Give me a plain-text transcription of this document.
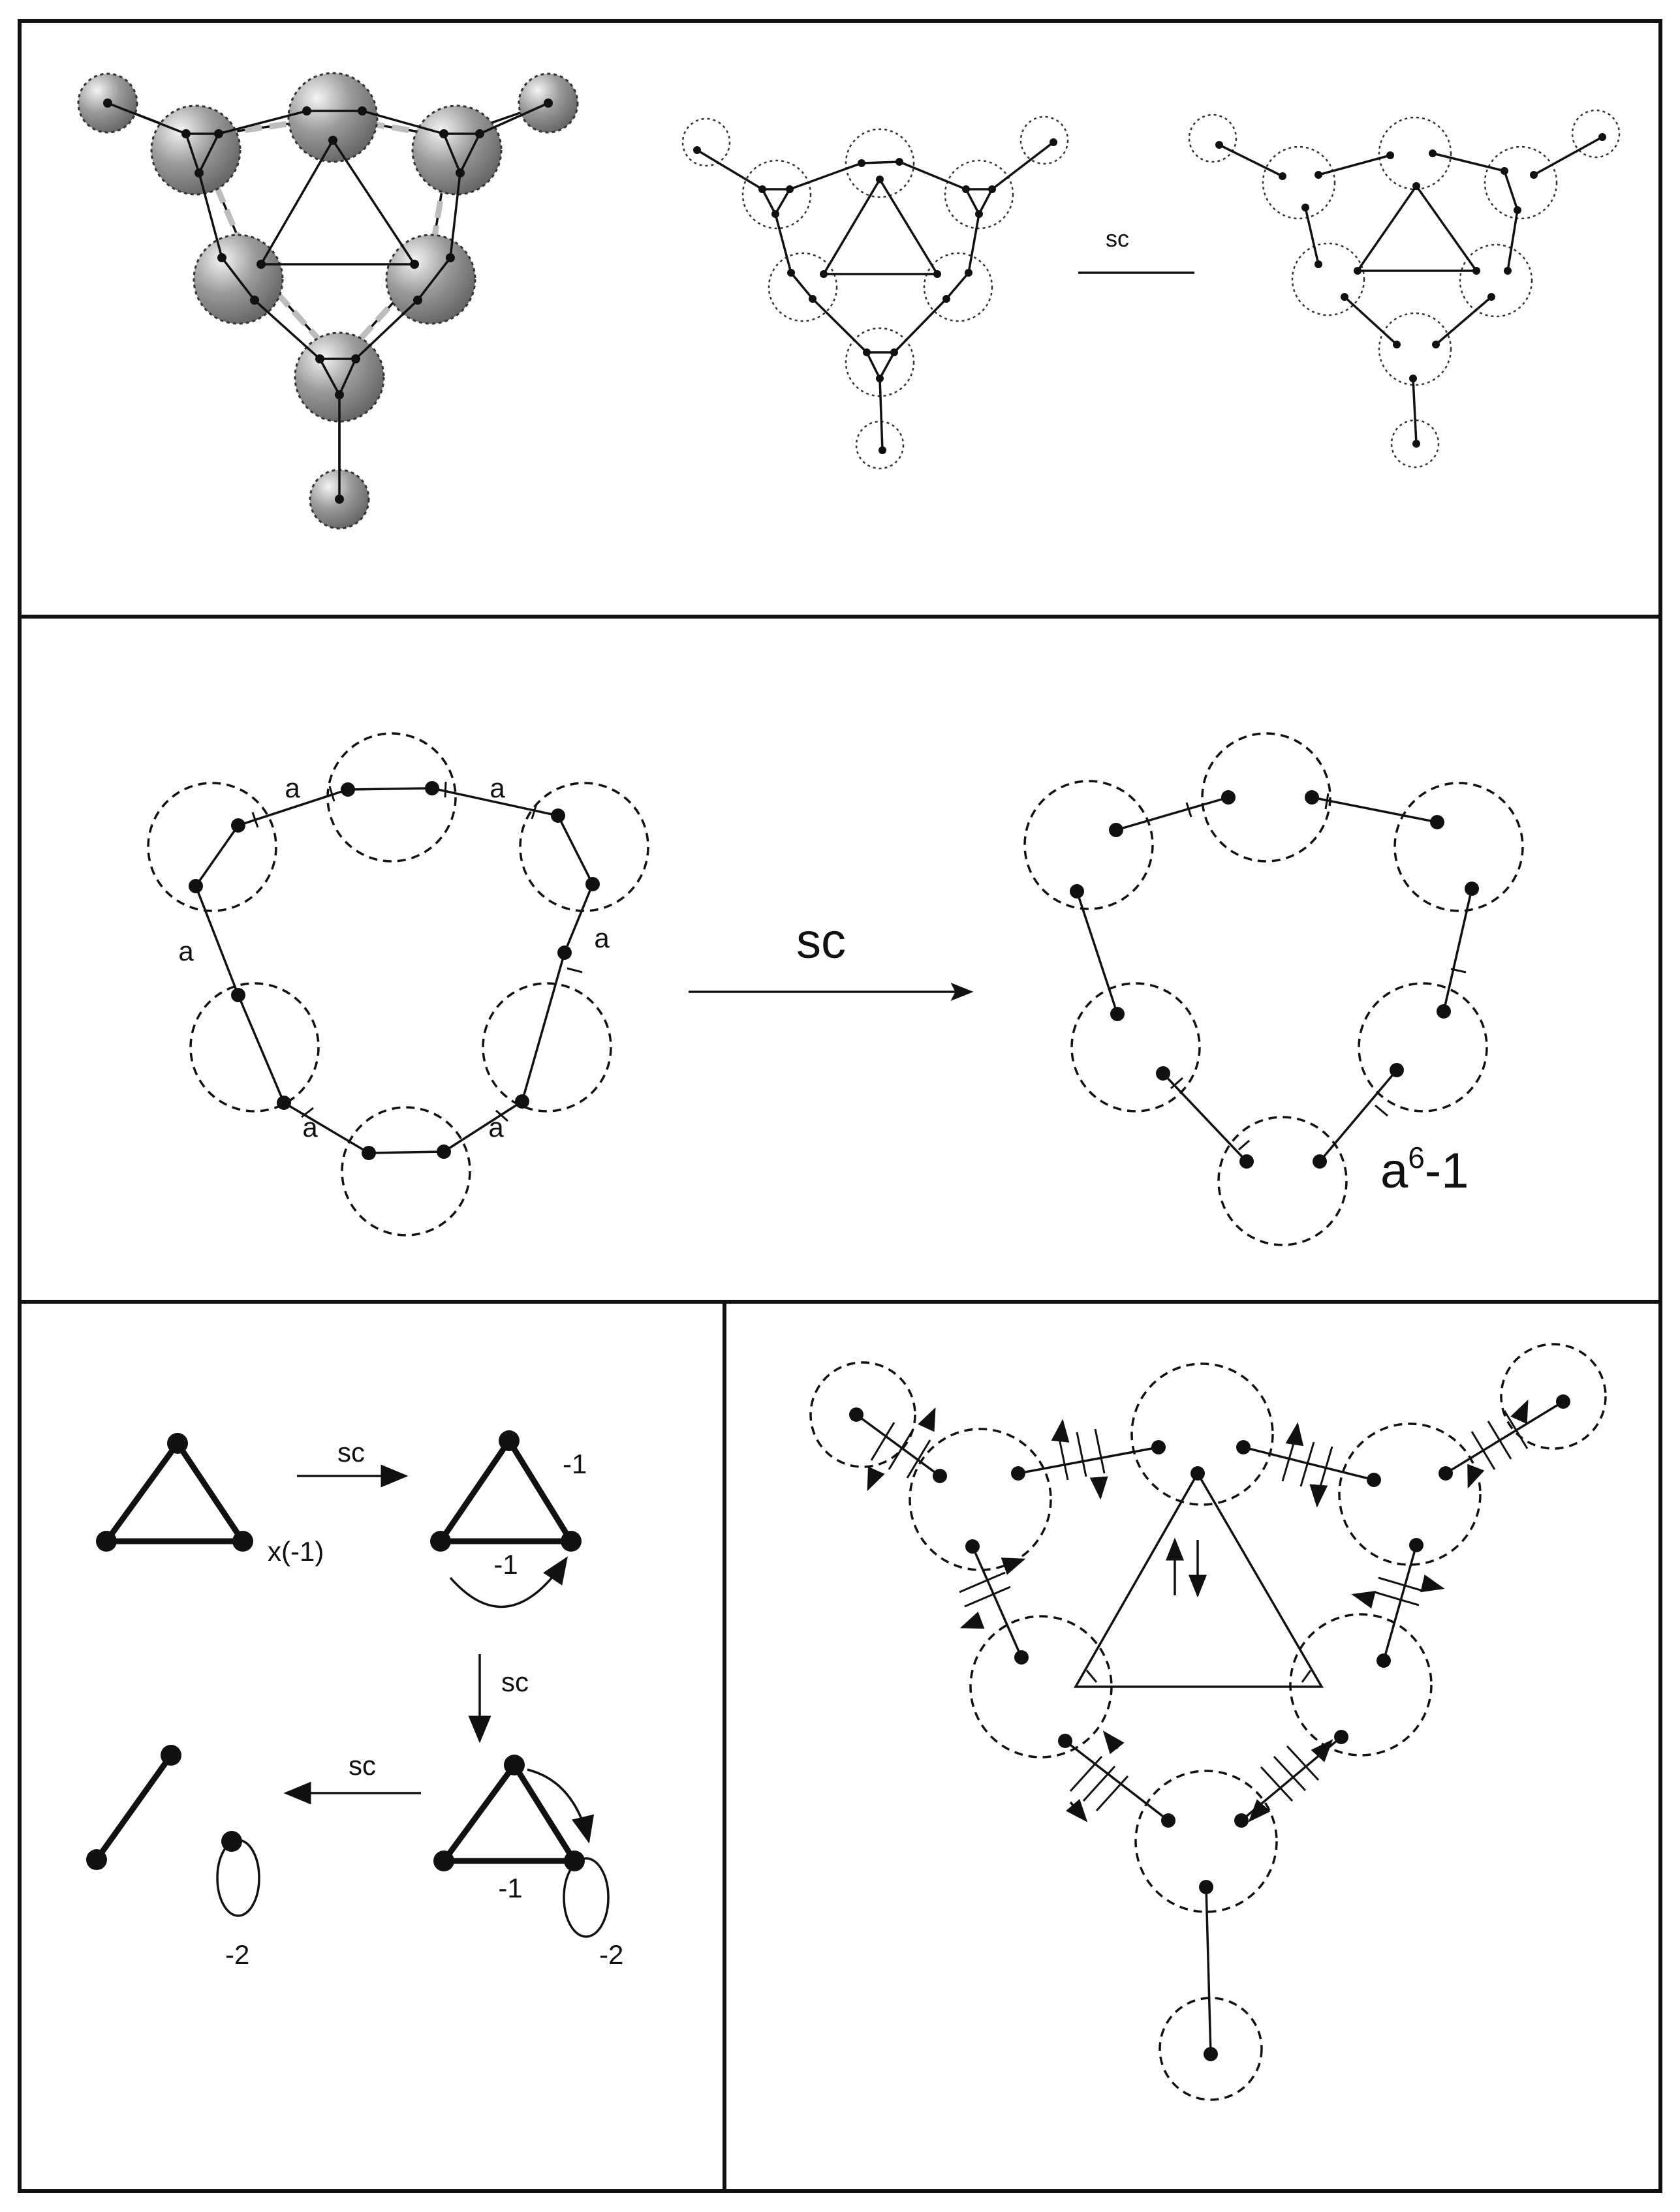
sc
a	a
a	a
a	a
sc
$a^6-1$
x(-1)
sc	-1
-1
sc
-1
-2
sc
-2
